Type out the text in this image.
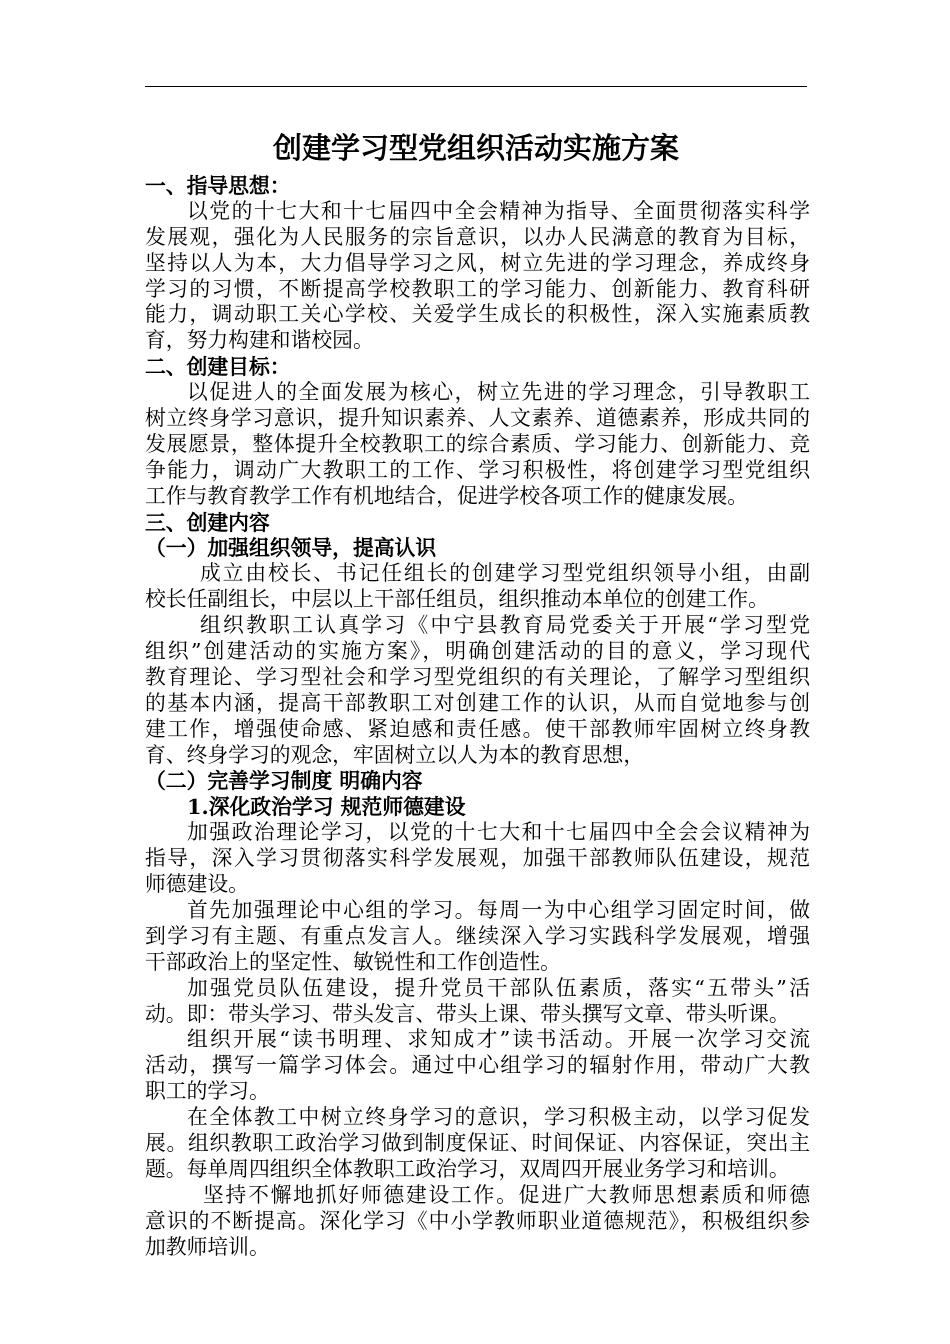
创建学习型党组织活动实施方案
一、指导思想：
以党的十七大和十七届四中全会精神为指导、全面贯彻落实科学
发展观，强化为人民服务的宗旨意识，以办人民满意的教育为目标，
坚持以人为本，大力倡导学习之风，树立先进的学习理念，养成终身
学习的习惯，不断提高学校教职工的学习能力、创新能力、教育科研
能力，调动职工关心学校、关爱学生成长的积极性，深入实施素质教
育，努力构建和谐校园。
二、创建目标：
以促进人的全面发展为核心，树立先进的学习理念，引导教职工
树立终身学习意识，提升知识素养、人文素养、道德素养，形成共同的
发展愿景，整体提升全校教职工的综合素质、学习能力、创新能力、竞
争能力，调动广大教职工的工作、学习积极性，将创建学习型党组织
工作与教育教学工作有机地结合，促进学校各项工作的健康发展。
三、创建内容
（一）加强组织领导，提高认识
成立由校长、书记任组长的创建学习型党组织领导小组，由副
校长任副组长，中层以上干部任组员，组织推动本单位的创建工作。
组织教职工认真学习《中宁县教育局党委关于开展“学习型党
组织”创建活动的实施方案》，明确创建活动的目的意义，学习现代
教育理论、学习型社会和学习型党组织的有关理论，了解学习型组织
的基本内涵，提高干部教职工对创建工作的认识，从而自觉地参与创
建工作，增强使命感、紧迫感和责任感。使干部教师牢固树立终身教
育、终身学习的观念，牢固树立以人为本的教育思想，
（二）完善学习制度 明确内容
1.深化政治学习 规范师德建设
加强政治理论学习，以党的十七大和十七届四中全会会议精神为
指导，深入学习贯彻落实科学发展观，加强干部教师队伍建设，规范
师德建设。
首先加强理论中心组的学习。每周一为中心组学习固定时间，做
到学习有主题、有重点发言人。继续深入学习实践科学发展观，增强
干部政治上的坚定性、敏锐性和工作创造性。
加强党员队伍建设，提升党员干部队伍素质，落实“五带头”活
动。即：带头学习、带头发言、带头上课、带头撰写文章、带头听课。
组织开展“读书明理、求知成才”读书活动。开展一次学习交流
活动，撰写一篇学习体会。通过中心组学习的辐射作用，带动广大教
职工的学习。
在全体教工中树立终身学习的意识，学习积极主动，以学习促发
展。组织教职工政治学习做到制度保证、时间保证、内容保证，突出主
题。每单周四组织全体教职工政治学习，双周四开展业务学习和培训。
坚持不懈地抓好师德建设工作。促进广大教师思想素质和师德
意识的不断提高。深化学习《中小学教师职业道德规范》，积极组织参
加教师培训。
